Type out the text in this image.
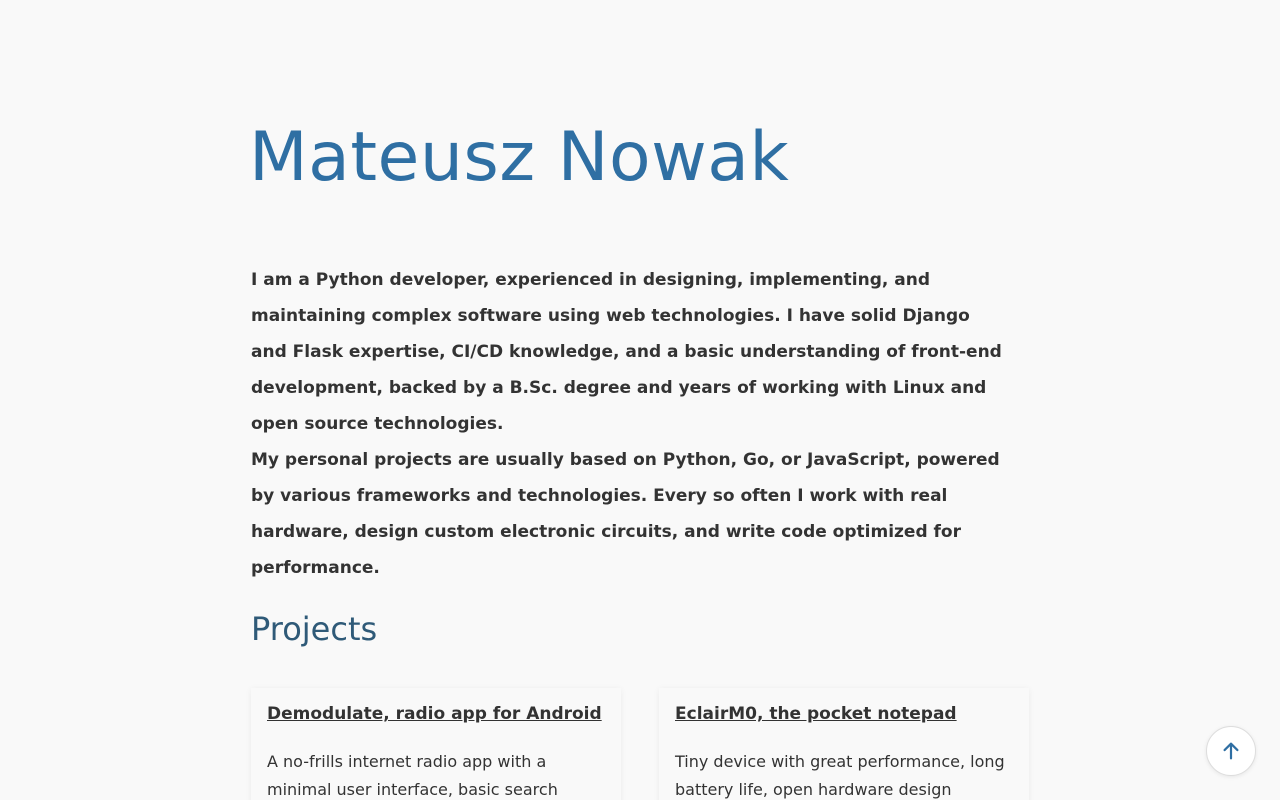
Mateusz Nowak

I am a Python developer, experienced in designing, implementing, and maintaining complex software using web technologies. I have solid Django and Flask expertise, CI/CD knowledge, and a basic understanding of front-end development, backed by a B.Sc. degree and years of working with Linux and open source technologies.

My personal projects are usually based on Python, Go, or JavaScript, powered by various frameworks and technologies. Every so often I work with real hardware, design custom electronic circuits, and write code optimized for performance.

Projects
Demodulate, radio app for Android

A no-frills internet radio app with a minimal user interface, basic search

EclairM0, the pocket notepad

Tiny device with great performance, long battery life, open hardware design
